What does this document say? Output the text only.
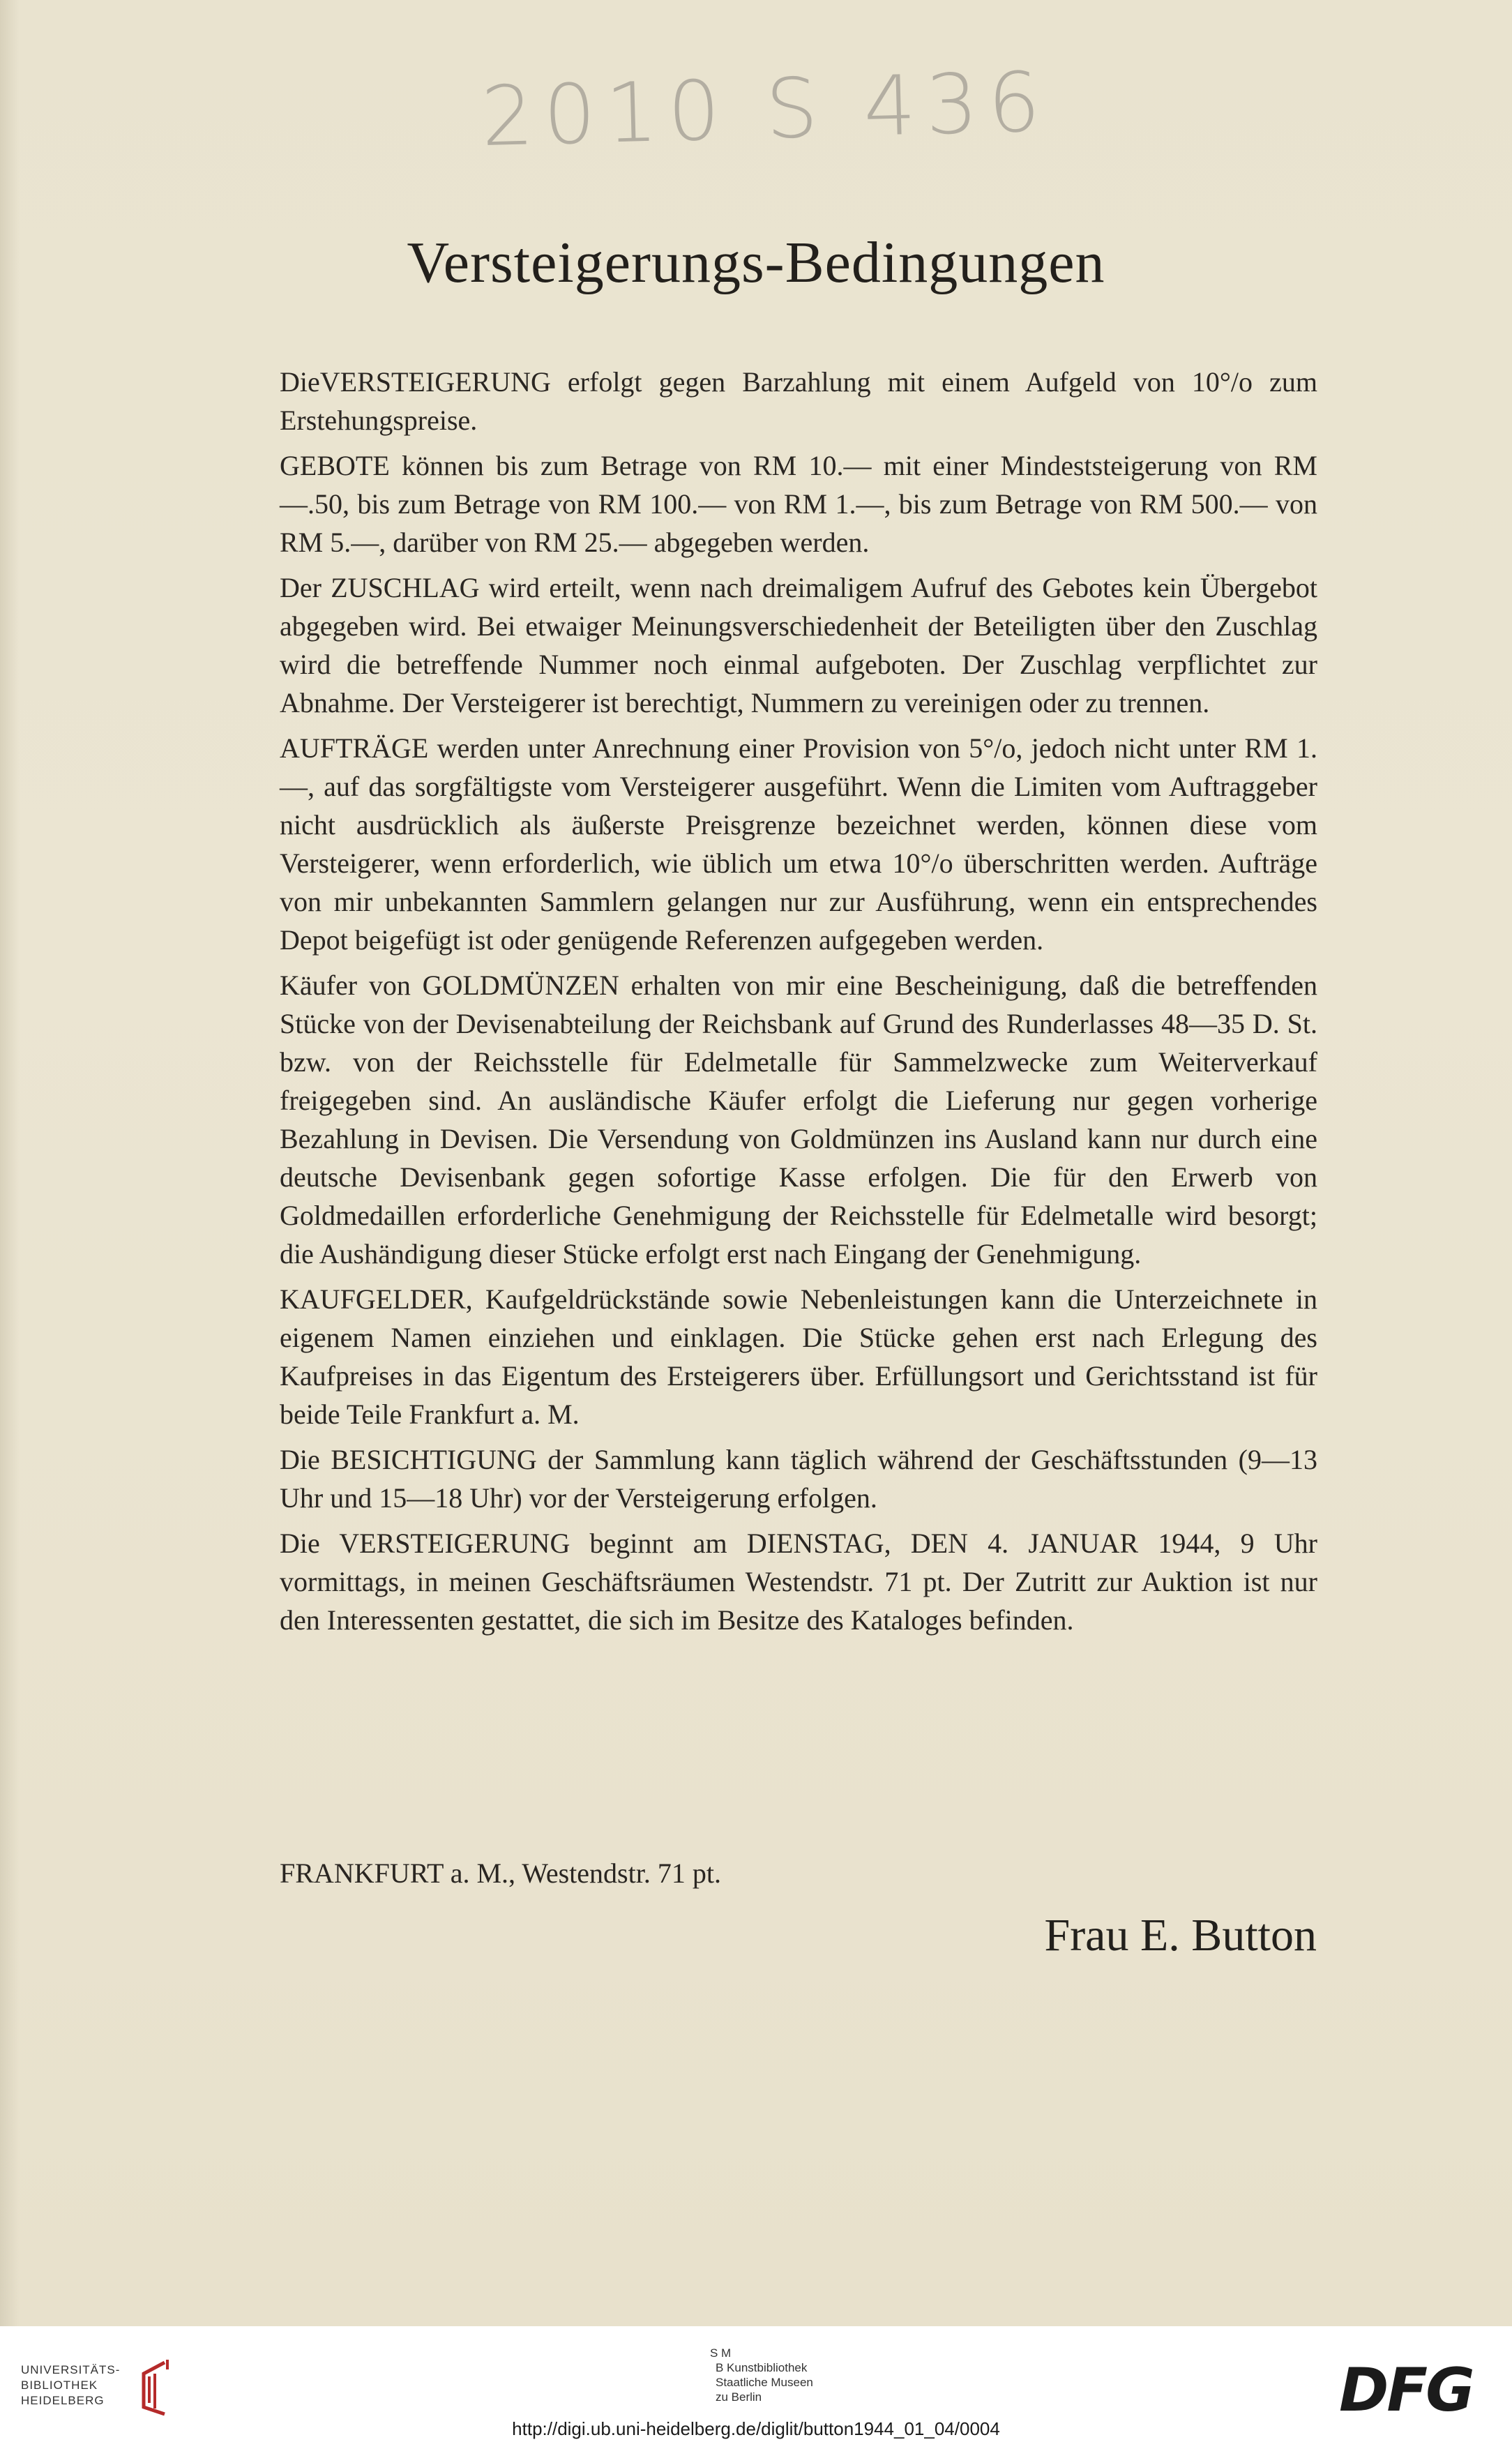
2010 S 436
Versteigerungs-Bedingungen

DieVERSTEIGERUNG erfolgt gegen Barzahlung mit einem Aufgeld von 10°/o zum Erstehungspreise.

GEBOTE können bis zum Betrage von RM 10.— mit einer Mindeststeigerung von RM —.50, bis zum Betrage von RM 100.— von RM 1.—, bis zum Betrage von RM 500.— von RM 5.—, darüber von RM 25.— abgegeben werden.

Der ZUSCHLAG wird erteilt, wenn nach dreimaligem Aufruf des Gebotes kein Übergebot abgegeben wird. Bei etwaiger Meinungsverschiedenheit der Beteiligten über den Zuschlag wird die betreffende Nummer noch einmal aufgeboten. Der Zuschlag verpflichtet zur Abnahme. Der Versteigerer ist berechtigt, Nummern zu vereinigen oder zu trennen.

AUFTRÄGE werden unter Anrechnung einer Provision von 5°/o, jedoch nicht unter RM 1.—, auf das sorgfältigste vom Versteigerer ausgeführt. Wenn die Limiten vom Auftraggeber nicht ausdrücklich als äußerste Preisgrenze bezeichnet werden, können diese vom Versteigerer, wenn erforderlich, wie üblich um etwa 10°/o überschritten werden. Aufträge von mir unbekannten Sammlern gelangen nur zur Ausführung, wenn ein entsprechendes Depot beigefügt ist oder genügende Referenzen aufgegeben werden.

Käufer von GOLDMÜNZEN erhalten von mir eine Bescheinigung, daß die betreffenden Stücke von der Devisenabteilung der Reichsbank auf Grund des Runderlasses 48—35 D. St. bzw. von der Reichsstelle für Edelmetalle für Sammelzwecke zum Weiterverkauf freigegeben sind. An ausländische Käufer erfolgt die Lieferung nur gegen vorherige Bezahlung in Devisen. Die Versendung von Goldmünzen ins Ausland kann nur durch eine deutsche Devisenbank gegen sofortige Kasse erfolgen. Die für den Erwerb von Goldmedaillen erforderliche Genehmigung der Reichsstelle für Edelmetalle wird besorgt; die Aushändigung dieser Stücke erfolgt erst nach Eingang der Genehmigung.

KAUFGELDER, Kaufgeldrückstände sowie Nebenleistungen kann die Unterzeichnete in eigenem Namen einziehen und einklagen. Die Stücke gehen erst nach Erlegung des Kaufpreises in das Eigentum des Ersteigerers über. Erfüllungsort und Gerichtsstand ist für beide Teile Frankfurt a. M.

Die BESICHTIGUNG der Sammlung kann täglich während der Geschäftsstunden (9—13 Uhr und 15—18 Uhr) vor der Versteigerung erfolgen.

Die VERSTEIGERUNG beginnt am DIENSTAG, DEN 4. JANUAR 1944, 9 Uhr vormittags, in meinen Geschäftsräumen Westendstr. 71 pt. Der Zutritt zur Auktion ist nur den Interessenten gestattet, die sich im Besitze des Kataloges befinden.

FRANKFURT a. M., Westendstr. 71 pt.
Frau E. Button
UNIVERSITÄTS-
BIBLIOTHEK
HEIDELBERG
S M
B Kunstbibliothek
Staatliche Museen
zu Berlin	DFG
http://digi.ub.uni-heidelberg.de/diglit/button1944_01_04/0004
